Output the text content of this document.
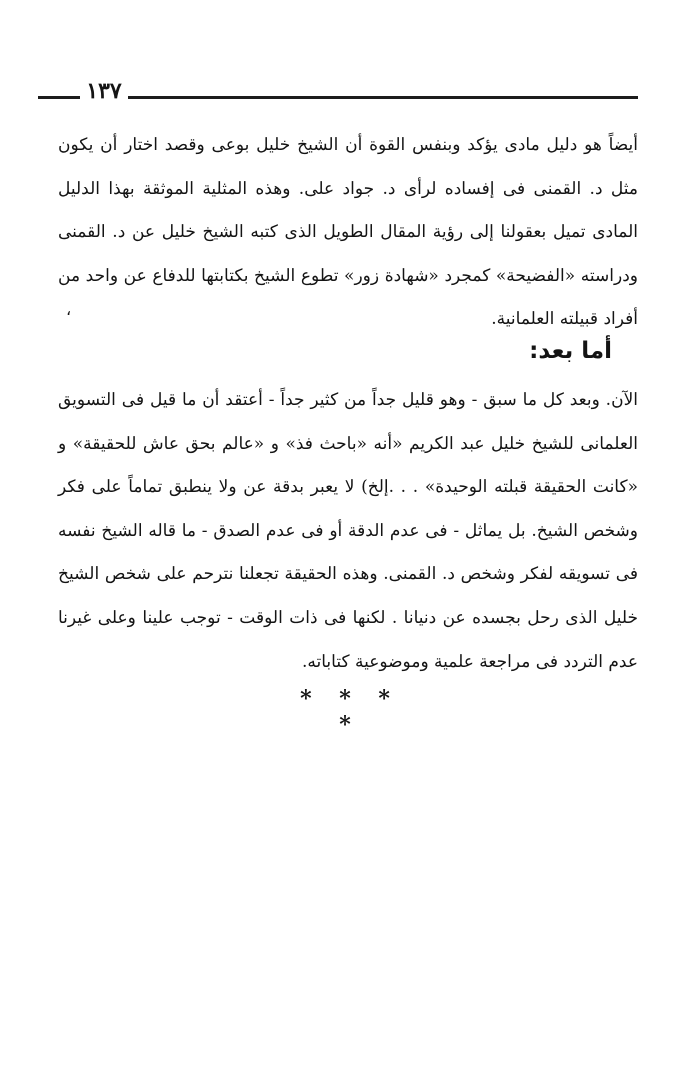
١٣٧

أيضاً هو دليل مادى يؤكد وبنفس القوة أن الشيخ خليل بوعى وقصد اختار أن يكون مثل د. القمنى فى إفساده لرأى د. جواد على. وهذه المثلية الموثقة بهذا الدليل المادى تميل بعقولنا إلى رؤية المقال الطويل الذى كتبه الشيخ خليل عن د. القمنى ودراسته «الفضيحة» كمجرد «شهادة زور» تطوع الشيخ بكتابتها للدفاع عن واحد من أفراد قبيلته العلمانية.

،
أما بعد:

الآن. وبعد كل ما سبق - وهو قليل جداً من كثير جداً - أعتقد أن ما قيل فى التسويق العلمانى للشيخ خليل عبد الكريم «أنه «باحث فذ» و «عالم بحق عاش للحقيقة» و «كانت الحقيقة قبلته الوحيدة» . . .إلخ) لا يعبر بدقة عن ولا ينطبق تماماً على فكر وشخص الشيخ. بل يماثل - فى عدم الدقة أو فى عدم الصدق - ما قاله الشيخ نفسه فى تسويقه لفكر وشخص د. القمنى. وهذه الحقيقة تجعلنا نترحم على شخص الشيخ خليل الذى رحل بجسده عن دنيانا . لكنها فى ذات الوقت - توجب علينا وعلى غيرنا عدم التردد فى مراجعة علمية وموضوعية كتاباته.

* * * *
